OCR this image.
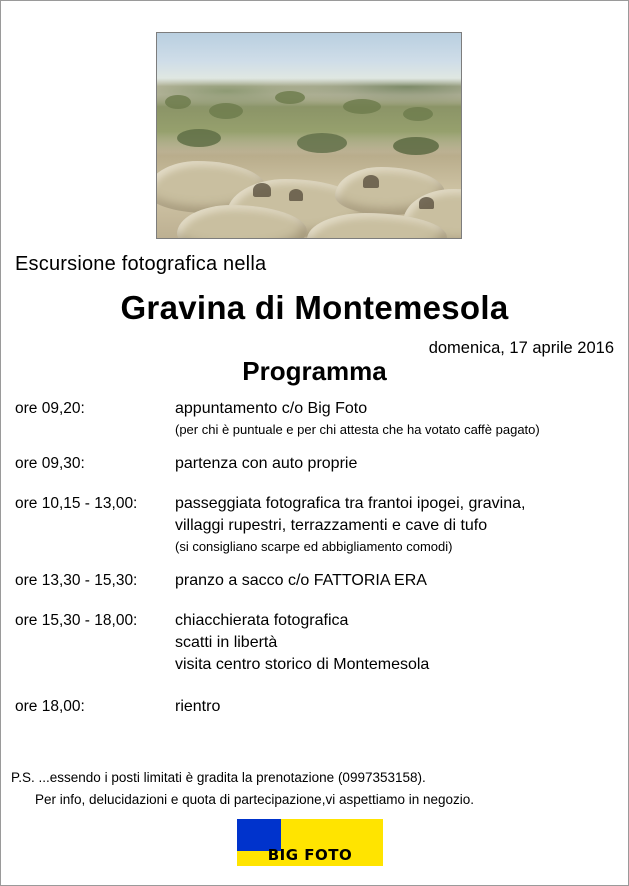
Escursione fotografica nella
Gravina di Montemesola
domenica, 17 aprile 2016
Programma
ore 09,20:	appuntamento c/o Big Foto
(per chi è puntuale e per chi attesta che ha votato caffè pagato)
ore 09,30:	partenza con auto proprie
ore 10,15 - 13,00:	passeggiata fotografica tra frantoi ipogei, gravina,
villaggi rupestri, terrazzamenti e cave di tufo
(si consigliano scarpe ed abbigliamento comodi)
ore 13,30 - 15,30:	pranzo a sacco c/o FATTORIA ERA
ore 15,30 - 18,00:	chiacchierata fotografica
scatti in libertà
visita centro storico di Montemesola
ore 18,00:	rientro
P.S. ...essendo i posti limitati è gradita la prenotazione (0997353158).
Per info, delucidazioni e quota di partecipazione,vi aspettiamo in negozio.
BIG FOTO
